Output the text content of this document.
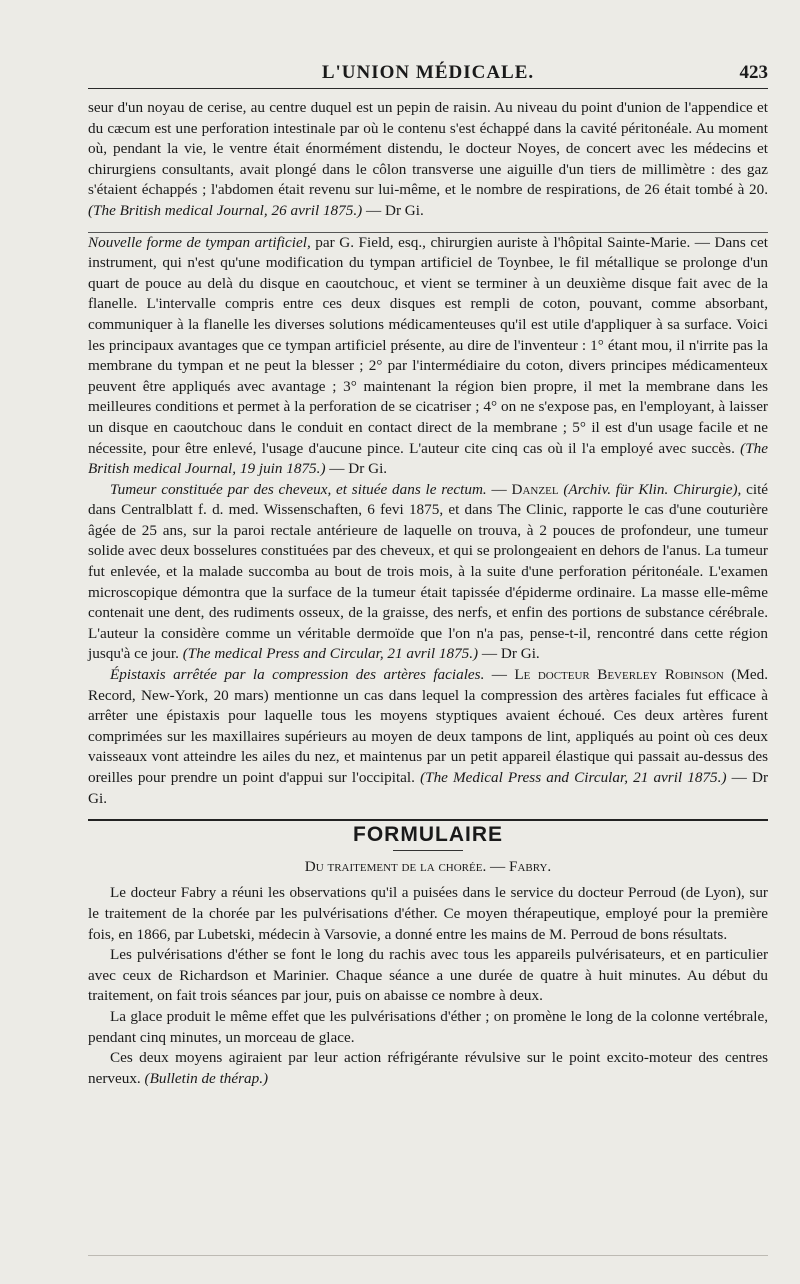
L'UNION MÉDICALE.	423

seur d'un noyau de cerise, au centre duquel est un pepin de raisin. Au niveau du point d'union de l'appendice et du cæcum est une perforation intestinale par où le contenu s'est échappé dans la cavité péritonéale. Au moment où, pendant la vie, le ventre était énormément distendu, le docteur Noyes, de concert avec les médecins et chirurgiens consultants, avait plongé dans le côlon transverse une aiguille d'un tiers de millimètre : des gaz s'étaient échappés ; l'abdomen était revenu sur lui-même, et le nombre de respirations, de 26 était tombé à 20. (The British medical Journal, 26 avril 1875.) — Dr Gi.

Nouvelle forme de tympan artificiel, par G. Field, esq., chirurgien auriste à l'hôpital Sainte-Marie. — Dans cet instrument, qui n'est qu'une modification du tympan artificiel de Toynbee, le fil métallique se prolonge d'un quart de pouce au delà du disque en caoutchouc, et vient se terminer à un deuxième disque fait avec de la flanelle. L'intervalle compris entre ces deux disques est rempli de coton, pouvant, comme absorbant, communiquer à la flanelle les diverses solutions médicamenteuses qu'il est utile d'appliquer à sa surface. Voici les principaux avantages que ce tympan artificiel présente, au dire de l'inventeur : 1° étant mou, il n'irrite pas la membrane du tympan et ne peut la blesser ; 2° par l'intermédiaire du coton, divers principes médicamenteux peuvent être appliqués avec avantage ; 3° maintenant la région bien propre, il met la membrane dans les meilleures conditions et permet à la perforation de se cicatriser ; 4° on ne s'expose pas, en l'employant, à laisser un disque en caoutchouc dans le conduit en contact direct de la membrane ; 5° il est d'un usage facile et ne nécessite, pour être enlevé, l'usage d'aucune pince. L'auteur cite cinq cas où il l'a employé avec succès. (The British medical Journal, 19 juin 1875.) — Dr Gi.

Tumeur constituée par des cheveux, et située dans le rectum. — Danzel (Archiv. für Klin. Chirurgie), cité dans Centralblatt f. d. med. Wissenschaften, 6 fevi 1875, et dans The Clinic, rapporte le cas d'une couturière âgée de 25 ans, sur la paroi rectale antérieure de laquelle on trouva, à 2 pouces de profondeur, une tumeur solide avec deux bosselures constituées par des cheveux, et qui se prolongeaient en dehors de l'anus. La tumeur fut enlevée, et la malade succomba au bout de trois mois, à la suite d'une perforation péritonéale. L'examen microscopique démontra que la surface de la tumeur était tapissée d'épiderme ordinaire. La masse elle-même contenait une dent, des rudiments osseux, de la graisse, des nerfs, et enfin des portions de substance cérébrale. L'auteur la considère comme un véritable dermoïde que l'on n'a pas, pense-t-il, rencontré dans cette région jusqu'à ce jour. (The medical Press and Circular, 21 avril 1875.) — Dr Gi.

Épistaxis arrêtée par la compression des artères faciales. — Le docteur Beverley Robinson (Med. Record, New-York, 20 mars) mentionne un cas dans lequel la compression des artères faciales fut efficace à arrêter une épistaxis pour laquelle tous les moyens styptiques avaient échoué. Ces deux artères furent comprimées sur les maxillaires supérieurs au moyen de deux tampons de lint, appliqués au point où ces deux vaisseaux vont atteindre les ailes du nez, et maintenus par un petit appareil élastique qui passait au-dessus des oreilles pour prendre un point d'appui sur l'occipital. (The Medical Press and Circular, 21 avril 1875.) — Dr Gi.

FORMULAIRE
Du traitement de la chorée. — Fabry.

Le docteur Fabry a réuni les observations qu'il a puisées dans le service du docteur Perroud (de Lyon), sur le traitement de la chorée par les pulvérisations d'éther. Ce moyen thérapeutique, employé pour la première fois, en 1866, par Lubetski, médecin à Varsovie, a donné entre les mains de M. Perroud de bons résultats.

Les pulvérisations d'éther se font le long du rachis avec tous les appareils pulvérisateurs, et en particulier avec ceux de Richardson et Marinier. Chaque séance a une durée de quatre à huit minutes. Au début du traitement, on fait trois séances par jour, puis on abaisse ce nombre à deux.

La glace produit le même effet que les pulvérisations d'éther ; on promène le long de la colonne vertébrale, pendant cinq minutes, un morceau de glace.

Ces deux moyens agiraient par leur action réfrigérante révulsive sur le point excito-moteur des centres nerveux. (Bulletin de thérap.)
